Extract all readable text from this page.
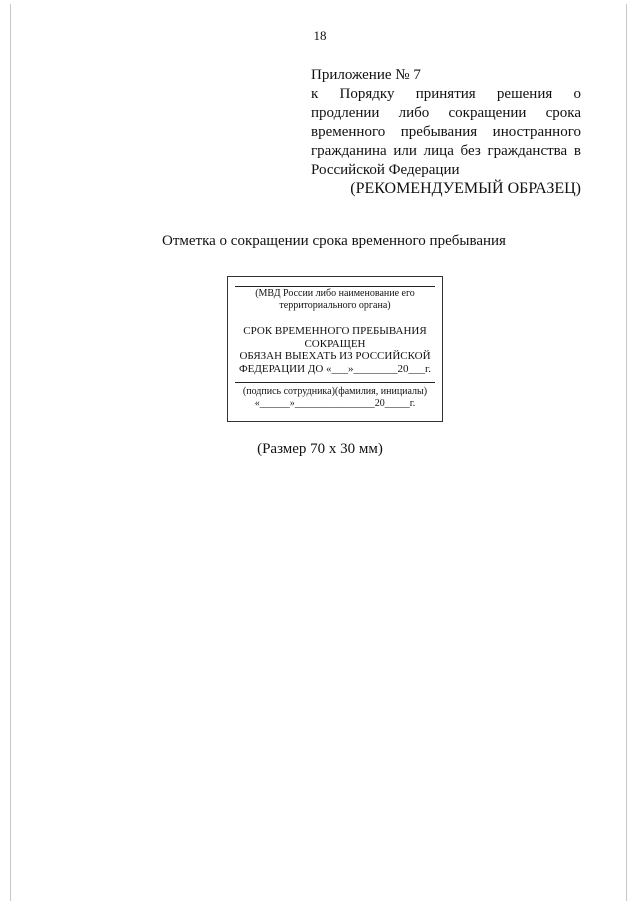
18

Приложение № 7

к Порядку принятия решения о продлении либо сокращении срока временного пребывания иностранного гражданина или лица без гражданства в Российской Федерации

(РЕКОМЕНДУЕМЫЙ ОБРАЗЕЦ)
Отметка о сокращении срока временного пребывания
(МВД России либо наименование его
территориального органа)
СРОК ВРЕМЕННОГО ПРЕБЫВАНИЯ
СОКРАЩЕН
ОБЯЗАН ВЫЕХАТЬ ИЗ РОССИЙСКОЙ
ФЕДЕРАЦИИ ДО «___»________20___г.
(подпись сотрудника)(фамилия, инициалы)
«______»________________20_____г.
(Размер 70 х 30 мм)
